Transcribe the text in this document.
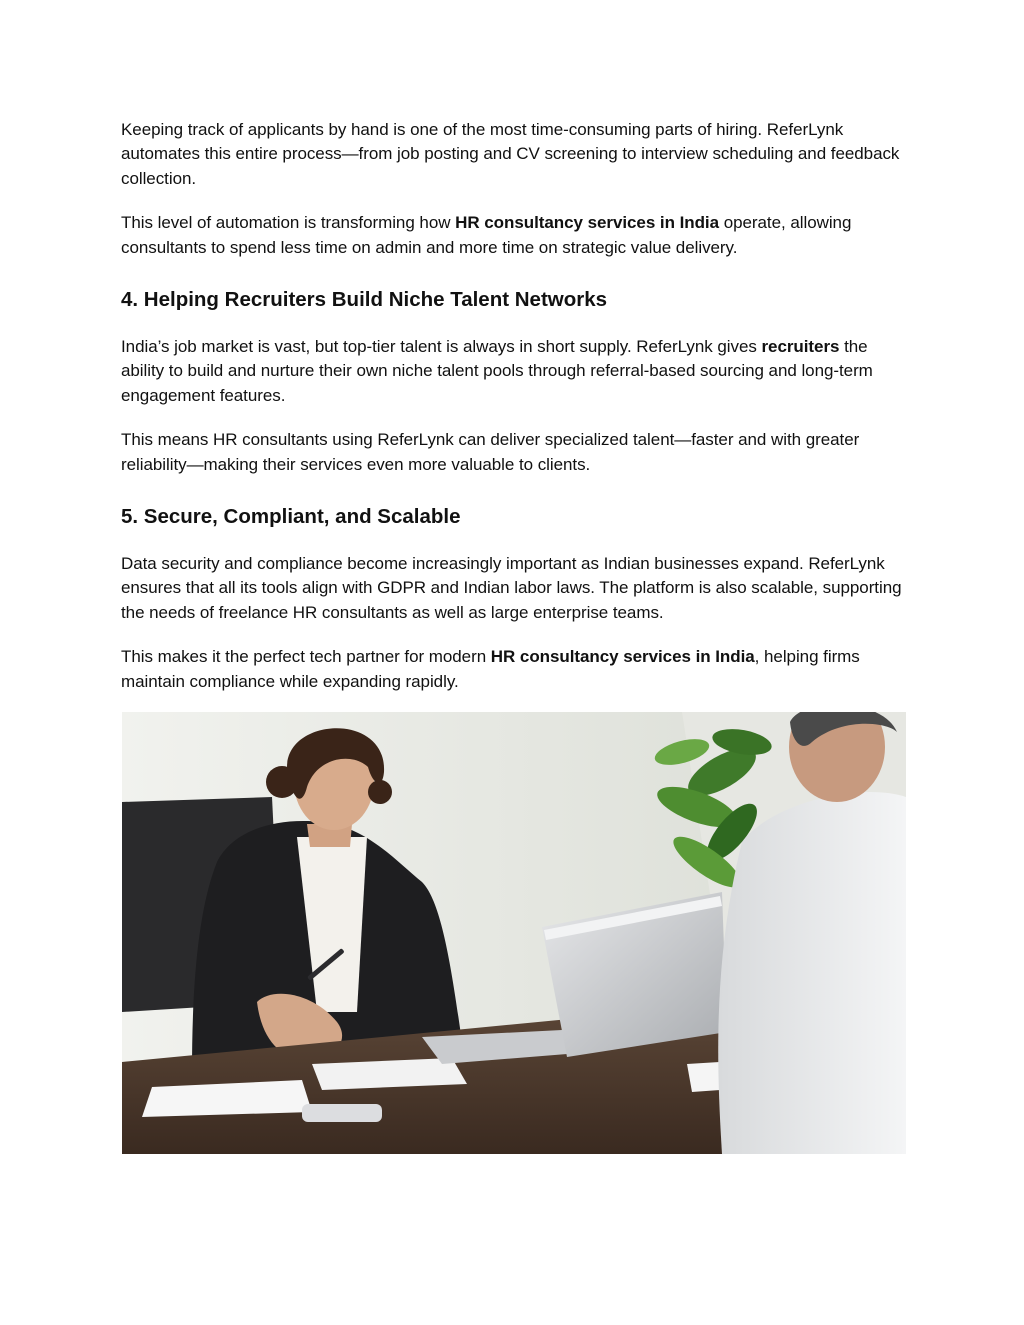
Keeping track of applicants by hand is one of the most time-consuming parts of hiring. ReferLynk automates this entire process—from job posting and CV screening to interview scheduling and feedback collection.

This level of automation is transforming how HR consultancy services in India operate, allowing consultants to spend less time on admin and more time on strategic value delivery.

4. Helping Recruiters Build Niche Talent Networks

India’s job market is vast, but top-tier talent is always in short supply. ReferLynk gives recruiters the ability to build and nurture their own niche talent pools through referral-based sourcing and long-term engagement features.

This means HR consultants using ReferLynk can deliver specialized talent—faster and with greater reliability—making their services even more valuable to clients.

5. Secure, Compliant, and Scalable

Data security and compliance become increasingly important as Indian businesses expand. ReferLynk ensures that all its tools align with GDPR and Indian labor laws. The platform is also scalable, supporting the needs of freelance HR consultants as well as large enterprise teams.

This makes it the perfect tech partner for modern HR consultancy services in India, helping firms maintain compliance while expanding rapidly.
